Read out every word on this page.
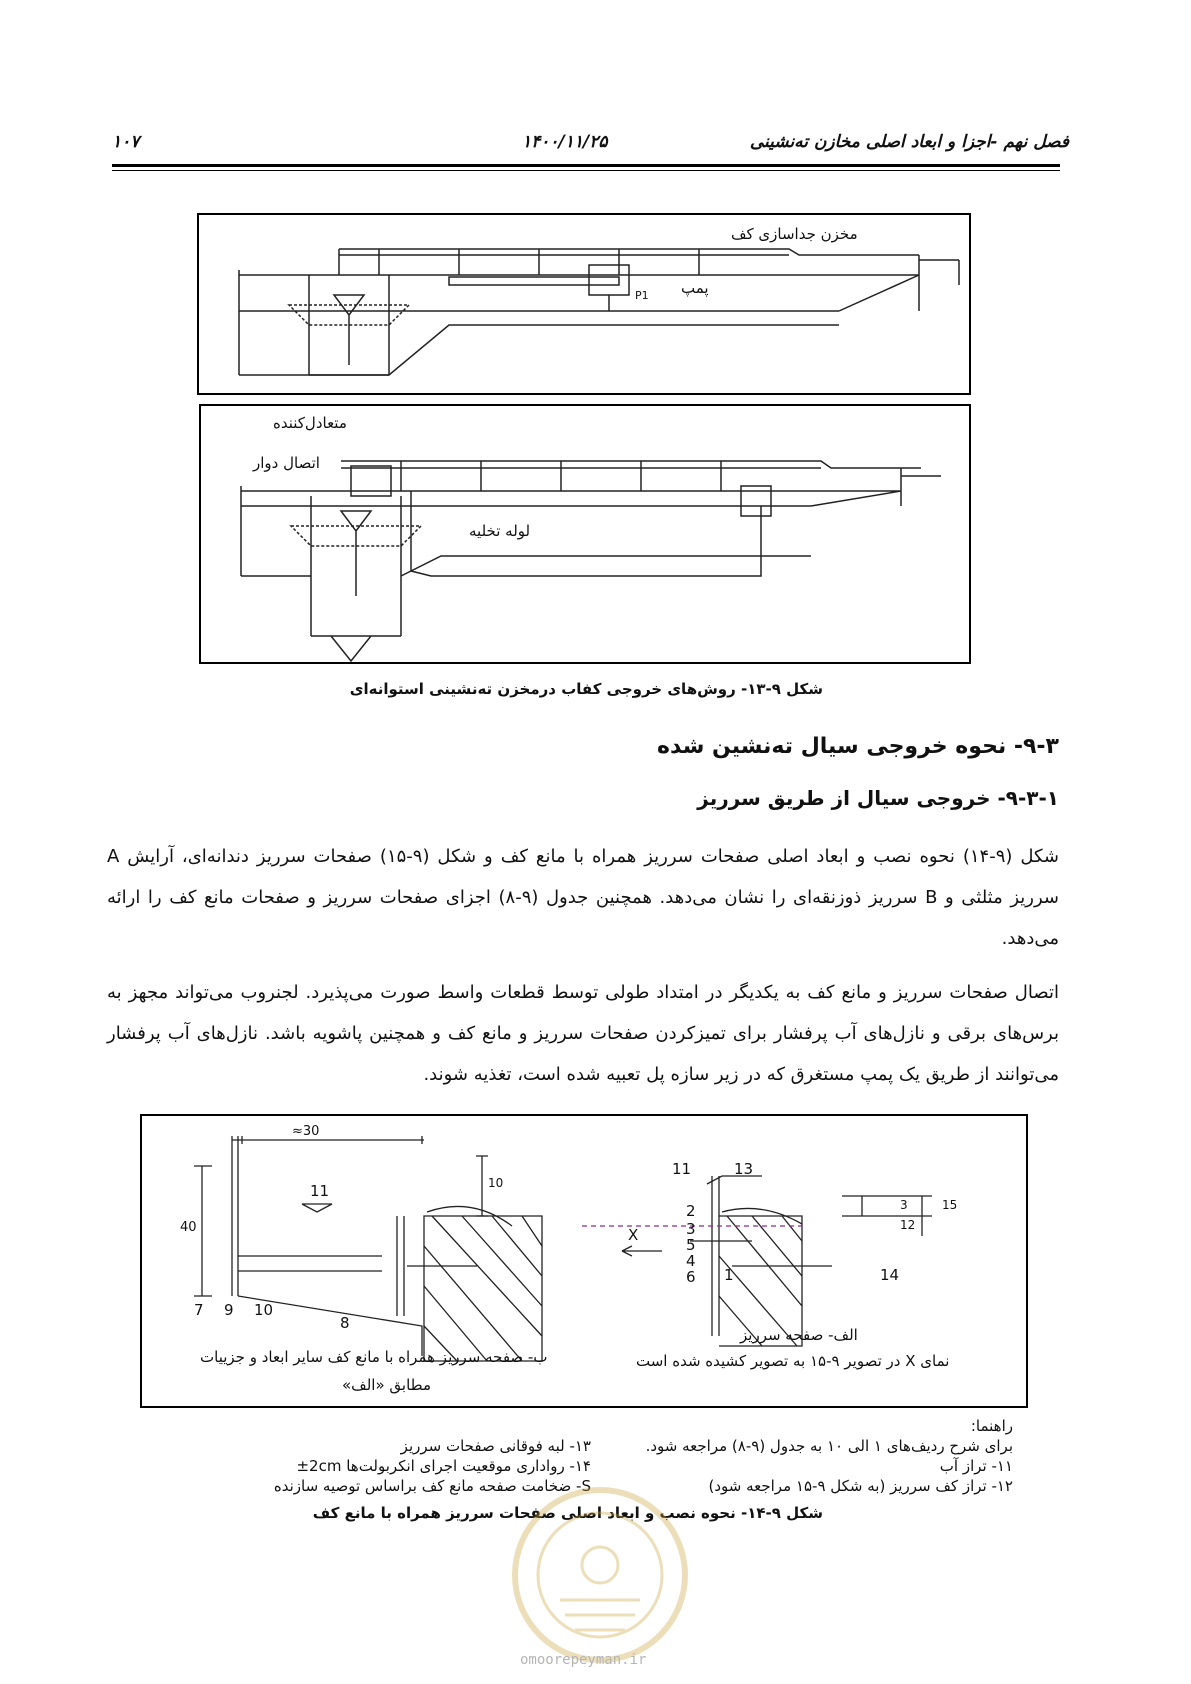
فصل نهم -اجزا و ابعاد اصلی مخازن ته‌نشینی
۱۴۰۰/۱۱/۲۵
۱۰۷
مخزن جداسازی کف
پمپ
P1
متعادل‌کننده
اتصال دوار
لوله تخلیه
شکل ۹-۱۳- روش‌های خروجی کفاب درمخزن ته‌نشینی استوانه‌ای
۹-۳- نحوه خروجی سیال ته‌نشین شده
۹-۳-۱- خروجی سیال از طریق سرریز

شکل (۹-۱۴) نحوه نصب و ابعاد اصلی صفحات سرریز همراه با مانع کف و شکل (۹-۱۵) صفحات سرریز دندانه‌ای، آرایش A سرریز مثلثی و B سرریز ذوزنقه‌ای را نشان می‌دهد. همچنین جدول (۹-۸) اجزای صفحات سرریز و صفحات مانع کف را ارائه می‌دهد.

اتصال صفحات سرریز و مانع کف به یکدیگر در امتداد طولی توسط قطعات واسط صورت می‌پذیرد. لجنروب می‌تواند مجهز به برس‌های برقی و نازل‌های آب پرفشار برای تمیزکردن صفحات سرریز و مانع کف و همچنین پاشویه باشد. نازل‌های آب پرفشار می‌توانند از طریق یک پمپ مستغرق که در زیر سازه پل تعبیه شده است، تغذیه شوند.

≈30
40
10
11
7 9 10
8
ب- صفحه سرریز همراه با مانع کف سایر ابعاد و جزییات
مطابق «الف»
11	13
2
3
5
4
6 1	14
X
15
12
3
الف- صفحه سرریز
نمای X در تصویر ۹-۱۵ به تصویر کشیده شده است
راهنما:
برای شرح ردیف‌های ۱ الی ۱۰ به جدول (۹-۸) مراجعه شود.
۱۱- تراز آب
۱۲- تراز کف سرریز (به شکل ۹-۱۵ مراجعه شود)
۱۳- لبه فوقانی صفحات سرریز
۱۴- رواداری موقعیت اجرای انکربولت‌ها 2cm±
S- ضخامت صفحه مانع کف براساس توصیه سازنده
شکل ۹-۱۴- نحوه نصب و ابعاد اصلی صفحات سرریز همراه با مانع کف
omoorepeyman.ir
